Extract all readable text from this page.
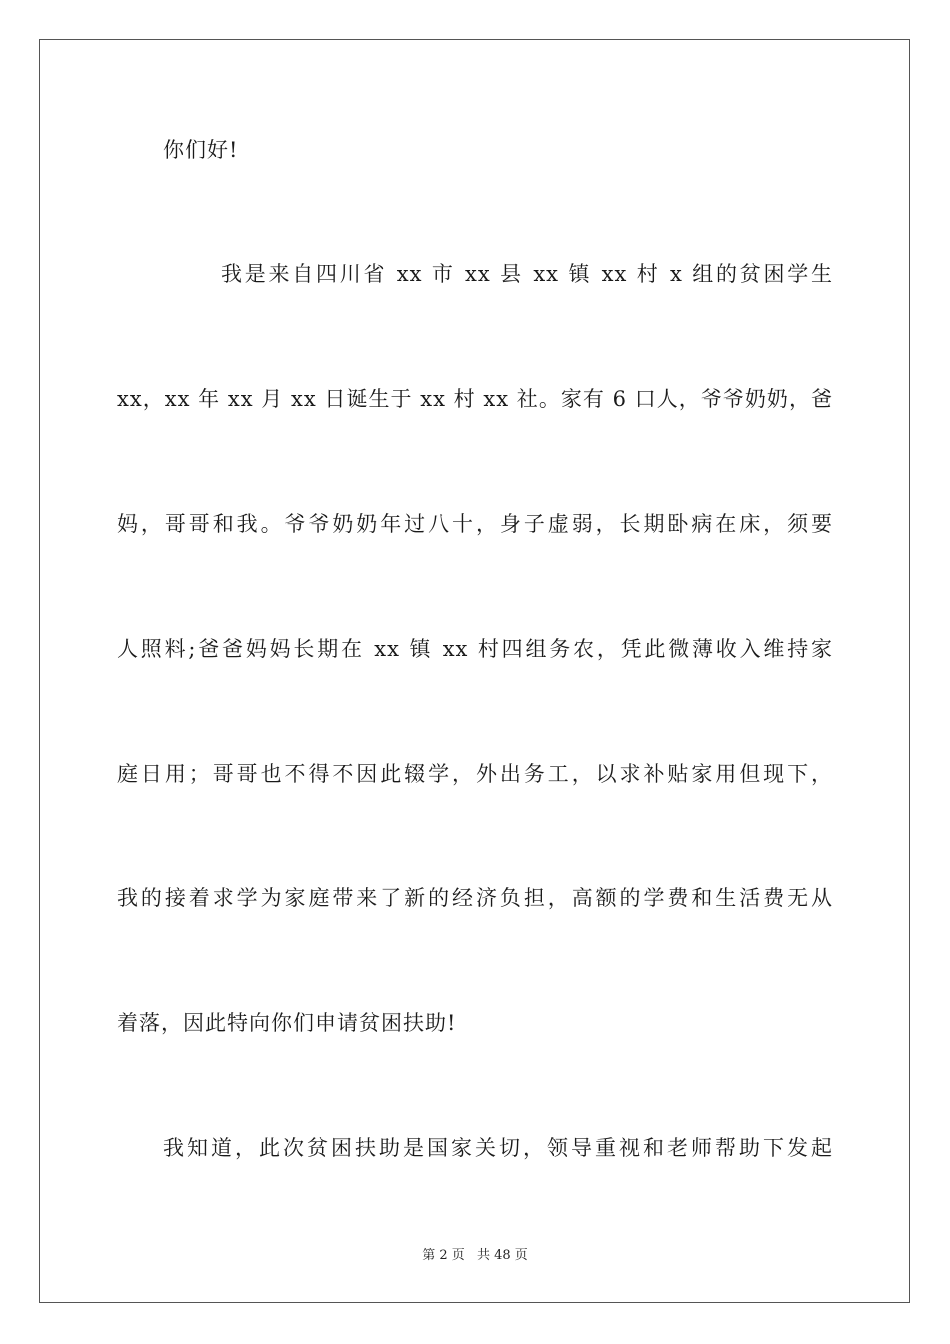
你们好!
我是来自四川省 xx 市 xx 县 xx 镇 xx 村 x 组的贫困学生
xx，xx 年 xx 月 xx 日诞生于 xx 村 xx 社。家有 6 口人，爷爷奶奶，爸
妈，哥哥和我。爷爷奶奶年过八十，身子虚弱，长期卧病在床，须要
人照料;爸爸妈妈长期在 xx 镇 xx 村四组务农，凭此微薄收入维持家
庭日用；哥哥也不得不因此辍学，外出务工，以求补贴家用但现下，
我的接着求学为家庭带来了新的经济负担，高额的学费和生活费无从
着落，因此特向你们申请贫困扶助!
我知道，此次贫困扶助是国家关切，领导重视和老师帮助下发起
第 2 页 共 48 页
